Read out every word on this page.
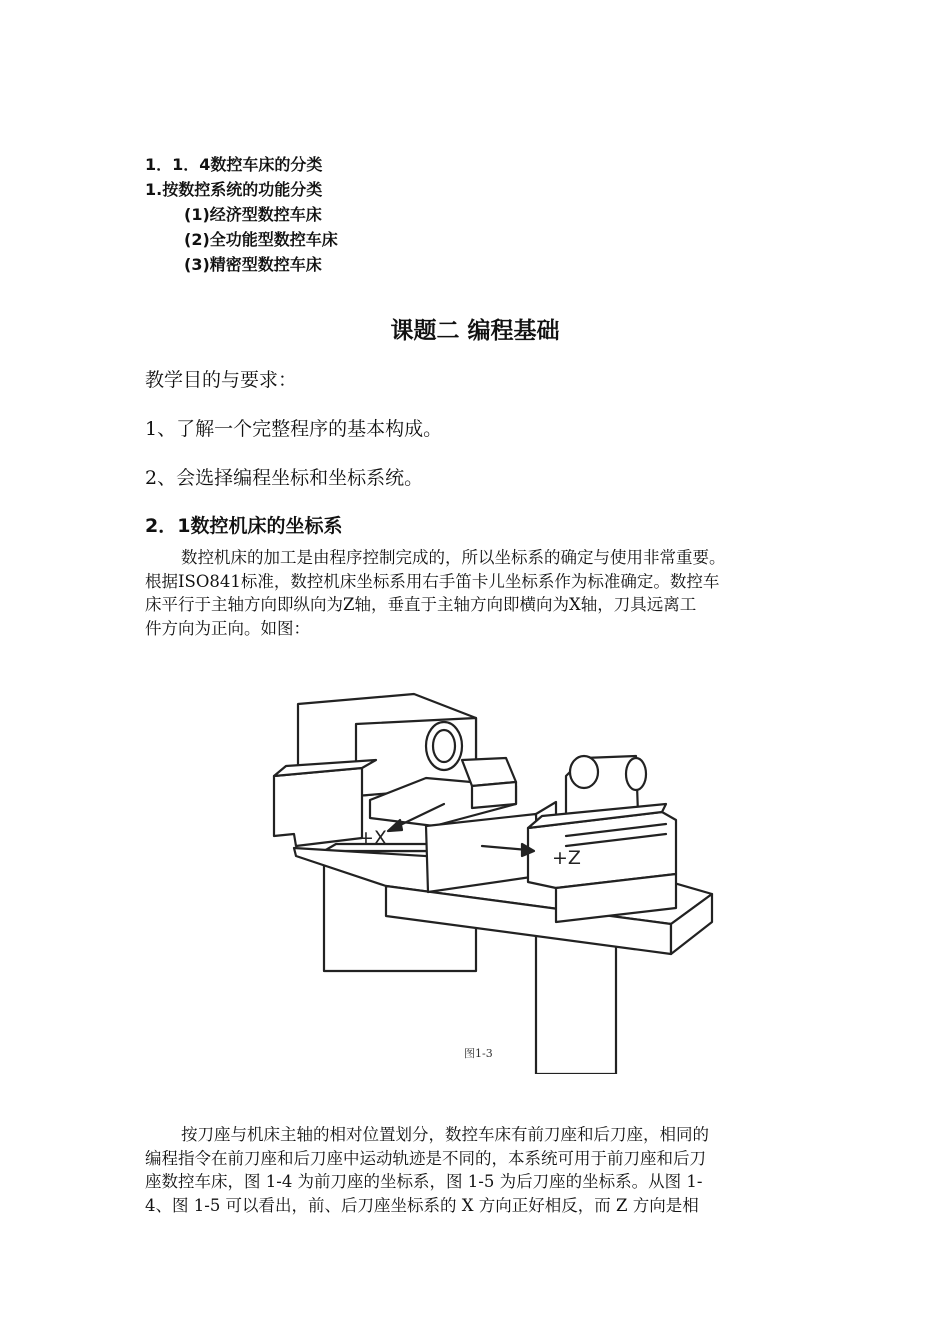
1．1．4数控车床的分类
1.按数控系统的功能分类
(1)经济型数控车床
(2)全功能型数控车床
(3)精密型数控车床
课题二 编程基础
教学目的与要求：
1、了解一个完整程序的基本构成。
2、会选择编程坐标和坐标系统。
2．1数控机床的坐标系

数控机床的加工是由程序控制完成的，所以坐标系的确定与使用非常重要。

根据ISO841标准，数控机床坐标系用右手笛卡儿坐标系作为标准确定。数控车

床平行于主轴方向即纵向为Z轴，垂直于主轴方向即横向为X轴，刀具远离工

件方向为正向。如图：

+X
+Z
图1-3

按刀座与机床主轴的相对位置划分，数控车床有前刀座和后刀座，相同的

编程指令在前刀座和后刀座中运动轨迹是不同的，本系统可用于前刀座和后刀

座数控车床，图 1-4 为前刀座的坐标系，图 1-5 为后刀座的坐标系。从图 1-

4、图 1-5 可以看出，前、后刀座坐标系的 X 方向正好相反，而 Z 方向是相
